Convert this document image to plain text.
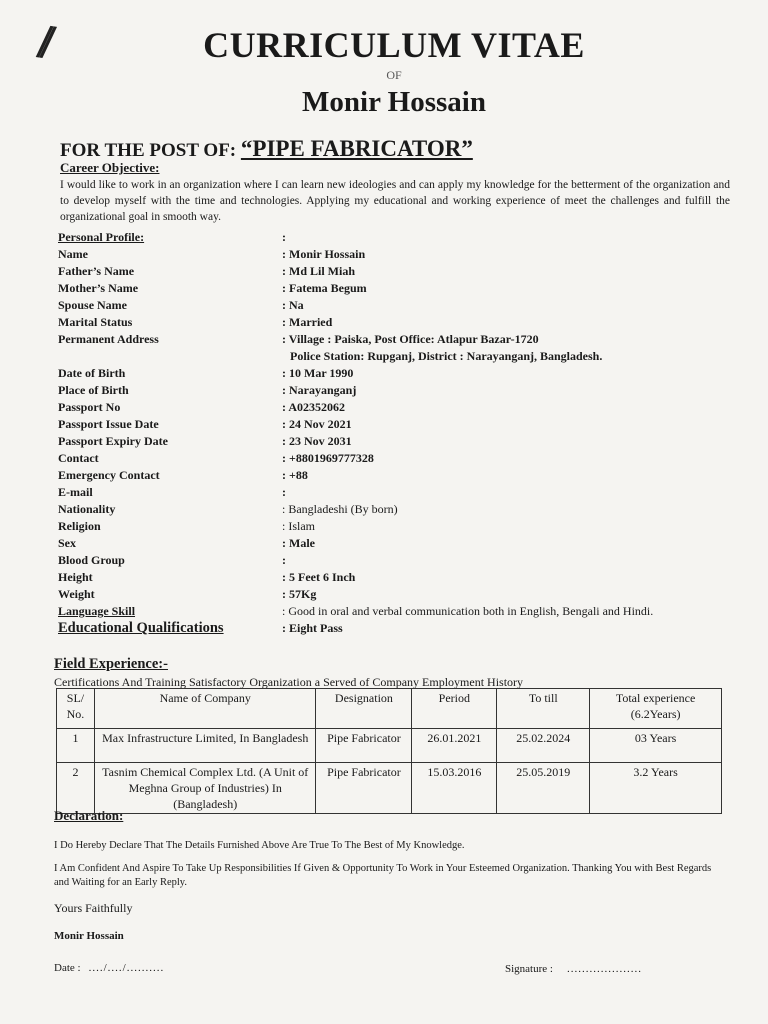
//	CURRICULUM VITAE
OF
Monir Hossain
FOR THE POST OF: “PIPE FABRICATOR”
Career Objective:
I would like to work in an organization where I can learn new ideologies and can apply my knowledge for the betterment of the organization and to develop myself with the time and technologies. Applying my educational and working experience of meet the challenges and fulfill the organizational goal in smooth way.
Personal Profile:	:
Name	: Monir Hossain
Father’s Name	: Md Lil Miah
Mother’s Name	: Fatema Begum
Spouse Name	: Na
Marital Status	: Married
Permanent Address	: Village : Paiska, Post Office: Atlapur Bazar-1720
Police Station: Rupganj, District : Narayanganj, Bangladesh.
Date of Birth	: 10 Mar 1990
Place of Birth	: Narayanganj
Passport No	: A02352062
Passport Issue Date	: 24 Nov 2021
Passport Expiry Date	: 23 Nov 2031
Contact	: +8801969777328
Emergency Contact	: +88
E-mail	:
Nationality	: Bangladeshi (By born)
Religion	: Islam
Sex	: Male
Blood Group	:
Height	: 5 Feet 6 Inch
Weight	: 57Kg
Language Skill	: Good in oral and verbal communication both in English, Bengali and Hindi.
Educational Qualifications	: Eight Pass
Field Experience:-
Certifications And Training Satisfactory Organization a Served of Company Employment History
SL/ No.	Name of Company	Designation	Period	To till	Total experience
(6.2Years)
1	Max Infrastructure Limited, In Bangladesh	Pipe Fabricator	26.01.2021	25.02.2024	03 Years
2	Tasnim Chemical Complex Ltd. (A Unit of Meghna Group of Industries) In (Bangladesh)	Pipe Fabricator	15.03.2016	25.05.2019	3.2 Years
Declaration:
I Do Hereby Declare That The Details Furnished Above Are True To The Best of My Knowledge.
I Am Confident And Aspire To Take Up Responsibilities If Given & Opportunity To Work in Your Esteemed Organization. Thanking You with Best Regards and Waiting for an Early Reply.
Yours Faithfully
Monir Hossain
Date : ..../..../..........	Signature : ....................
